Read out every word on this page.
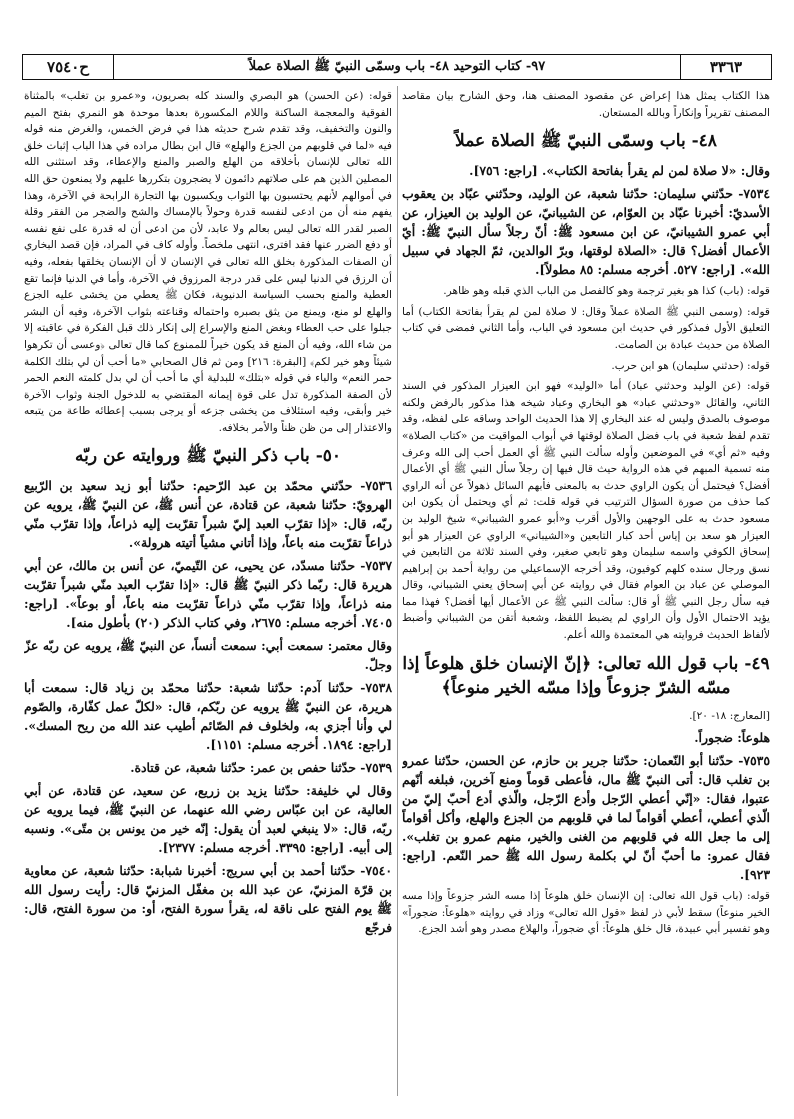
٣٣٦٣
٩٧- كتاب التوحيد ٤٨- باب وسمّى النبيّ ﷺ الصلاة عملاً
ح٧٥٤٠

هذا الكتاب يمثل هذا إعراض عن مقصود المصنف هنا، وحق الشارح بيان مقاصد المصنف تقريراً وإنكاراً وبالله المستعان.

٤٨- باب وسمّى النبيّ ﷺ الصلاة عملاً

وقال: «لا صلاة لمن لم يقرأ بفاتحة الكتاب». [راجع: ٧٥٦].

٧٥٣٤- حدّثني سليمان: حدّثنا شعبة، عن الوليد، وحدّثني عبّاد بن يعقوب الأسديّ: أخبرنا عبّاد بن العوّام، عن الشيبانيّ، عن الوليد بن العيزار، عن أبي عمرو الشيبانيّ، عن ابن مسعود ﷺ: أنّ رجلاً سأل النبيّ ﷺ: أيّ الأعمال أفضل؟ قال: «الصلاة لوقتها، وبرّ الوالدين، ثمّ الجهاد في سبيل الله». [راجع: ٥٢٧. أخرجه مسلم: ٨٥ مطولاً].

قوله: (باب) كذا هو بغير ترجمة وهو كالفصل من الباب الذي قبله وهو ظاهر.

قوله: (وسمى النبي ﷺ الصلاة عملاً وقال: لا صلاة لمن لم يقرأ بفاتحة الكتاب) أما التعليق الأول فمذكور في حديث ابن مسعود في الباب، وأما الثاني فمضى في كتاب الصلاة من حديث عبادة بن الصامت.

قوله: (حدثني سليمان) هو ابن حرب.

قوله: (عن الوليد وحدثني عباد) أما «الوليد» فهو ابن العيزار المذكور في السند الثاني، والقائل «وحدثني عباد» هو البخاري وعباد شيخه هذا مذكور بالرفض ولكنه موصوف بالصدق وليس له عند البخاري إلا هذا الحديث الواحد وساقه على لفظه، وقد تقدم لفظ شعبة في باب فضل الصلاة لوقتها في أبواب المواقيت من «كتاب الصلاة» وفيه «ثم أي» في الموضعين وأوله سألت النبي ﷺ أي العمل أحب إلى الله وعرف منه تسمية المبهم في هذه الرواية حيث قال فيها إن رجلاً سأل النبي ﷺ أي الأعمال أفضل؟ فيحتمل أن يكون الراوي حدث به بالمعنى فأبهم السائل ذهولاً عن أنه الراوي كما حذف من صورة السؤال الترتيب في قوله قلت: ثم أي ويحتمل أن يكون ابن مسعود حدث به على الوجهين والأول أقرب و«أبو عمرو الشيباني» شيخ الوليد بن العيزار هو سعد بن إياس أحد كبار التابعين و«الشيباني» الراوي عن العيزار هو أبو إسحاق الكوفي واسمه سليمان وهو تابعي صغير، وفي السند ثلاثة من التابعين في نسق ورجال سنده كلهم كوفيون، وقد أخرجه الإسماعيلي من رواية أحمد بن إبراهيم الموصلي عن عباد بن العوام فقال في روايته عن أبي إسحاق يعني الشيباني، وقال فيه سأل رجل النبي ﷺ أو قال: سألت النبي ﷺ عن الأعمال أيها أفضل؟ فهذا مما يؤيد الاحتمال الأول وأن الراوي لم يضبط اللفظ، وشعبة أتقن من الشيباني وأضبط لألفاظ الحديث فروايته هي المعتمدة والله أعلم.

٤٩- باب قول الله تعالى: ﴿إنّ الإنسان خلق هلوعاً إذا مسّه الشرّ جزوعاً وإذا مسّه الخير منوعاً﴾

[المعارج: ١٨- ٢٠].

هلوعاً: ضجوراً.

٧٥٣٥- حدّثنا أبو النّعمان: حدّثنا جرير بن حازم، عن الحسن، حدّثنا عمرو بن تغلب قال: أتى النبيّ ﷺ مال، فأعطى قوماً ومنع آخرين، فبلغه أنّهم عتبوا، فقال: «إنّي أعطي الرّجل وأدع الرّجل، والّذي أدع أحبّ إليّ من الّذي أعطي، أعطي أقواماً لما في قلوبهم من الجزع والهلع، وأكل أقواماً إلى ما جعل الله في قلوبهم من الغنى والخير، منهم عمرو بن تغلب». فقال عمرو: ما أحبّ أنّ لي بكلمة رسول الله ﷺ حمر النّعم. [راجع: ٩٢٣].

قوله: (باب قول الله تعالى: إن الإنسان خلق هلوعاً إذا مسه الشر جزوعاً وإذا مسه الخير منوعاً) سقط لأبي ذر لفظ «قول الله تعالى» وزاد في روايته «هلوعاً: ضجوراً» وهو تفسير أبي عبيدة، قال خلق هلوعاً: أي ضجوراً، والهلاع مصدر وهو أشد الجزع.

قوله: (عن الحسن) هو البصري والسند كله بصريون، و«عمرو بن تغلب» بالمثناة الفوقية والمعجمة الساكنة واللام المكسورة بعدها موحدة هو النمري بفتح الميم والنون والتخفيف، وقد تقدم شرح حديثه هذا في فرض الخمس، والغرض منه قوله فيه «لما في قلوبهم من الجزع والهلع» قال ابن بطال مراده في هذا الباب إثبات خلق الله تعالى للإنسان بأخلاقه من الهلع والصبر والمنع والإعطاء، وقد استثنى الله المصلين الذين هم على صلاتهم دائمون لا يضجرون بتكررها عليهم ولا يمنعون حق الله في أموالهم لأنهم يحتسبون بها الثواب ويكسبون بها التجارة الرابحة في الآخرة، وهذا يفهم منه أن من ادعى لنفسه قدرة وحولاً بالإمساك والشح والضجر من الفقر وقلة الصبر لقدر الله تعالى ليس بعالم ولا عابد، لأن من ادعى أن له قدرة على نفع نفسه أو دفع الضرر عنها فقد افترى، انتهى ملخصاً. وأوله كاف في المراد، فإن قصد البخاري أن الصفات المذكورة بخلق الله تعالى في الإنسان لا أن الإنسان يخلقها بفعله، وفيه أن الرزق في الدنيا ليس على قدر درجة المرزوق في الآخرة، وأما في الدنيا فإنما تقع العطية والمنع بحسب السياسة الدنيوية، فكان ﷺ يعطي من يخشى عليه الجزع والهلع لو منع، ويمنع من يثق بصبره واحتماله وقناعته بثواب الآخرة، وفيه أن البشر جبلوا على حب العطاء وبغض المنع والإسراع إلى إنكار ذلك قبل الفكرة في عاقبته إلا من شاء الله، وفيه أن المنع قد يكون خيراً للممنوع كما قال تعالى ﴿وعسى أن تكرهوا شيئاً وهو خير لكم﴾ [البقرة: ٢١٦] ومن ثم قال الصحابي «ما أحب أن لي بتلك الكلمة حمر النعم» والباء في قوله «بتلك» للبدلية أي ما أحب أن لي بدل كلمته النعم الحمر لأن الصفة المذكورة تدل على قوة إيمانه المقتضي به للدخول الجنة وثواب الآخرة خير وأبقى، وفيه استئلاف من يخشى جزعه أو يرجى بسبب إعطائه طاعة من يتبعه والاعتذار إلى من ظن ظناً والأمر بخلافه.

٥٠- باب ذكر النبيّ ﷺ وروايته عن ربّه

٧٥٣٦- حدّثني محمّد بن عبد الرّحيم: حدّثنا أبو زيد سعيد بن الرّبيع الهرويّ: حدّثنا شعبة، عن قتادة، عن أنس ﷺ، عن النبيّ ﷺ، يرويه عن ربّه، قال: «إذا تقرّب العبد إليّ شبراً تقرّبت إليه ذراعاً، وإذا تقرّب منّي ذراعاً تقرّبت منه باعاً، وإذا أتاني مشياً أتيته هرولة».

٧٥٣٧- حدّثنا مسدّد، عن يحيى، عن التّيميّ، عن أنس بن مالك، عن أبي هريرة قال: ربّما ذكر النبيّ ﷺ قال: «إذا تقرّب العبد منّي شبراً تقرّبت منه ذراعاً، وإذا تقرّب منّي ذراعاً تقرّبت منه باعاً، أو بوعاً». [راجع: ٧٤٠٥. أخرجه مسلم: ٢٦٧٥، وفي كتاب الذكر (٢٠) بأطول منه].

وقال معتمر: سمعت أبي: سمعت أنساً، عن النبيّ ﷺ، يرويه عن ربّه عزّ وجلّ.

٧٥٣٨- حدّثنا آدم: حدّثنا شعبة: حدّثنا محمّد بن زياد قال: سمعت أبا هريرة، عن النبيّ ﷺ يرويه عن ربّكم، قال: «لكلّ عمل كفّارة، والصّوم لي وأنا أجزي به، ولخلوف فم الصّائم أطيب عند الله من ريح المسك». [راجع: ١٨٩٤. أخرجه مسلم: ١١٥١].

٧٥٣٩- حدّثنا حفص بن عمر: حدّثنا شعبة، عن قتادة.

وقال لي خليفة: حدّثنا يزيد بن زريع، عن سعيد، عن قتادة، عن أبي العالية، عن ابن عبّاس رضي الله عنهما، عن النبيّ ﷺ، فيما يرويه عن ربّه، قال: «لا ينبغي لعبد أن يقول: إنّه خير من يونس بن متّى». ونسبه إلى أبيه. [راجع: ٣٣٩٥. أخرجه مسلم: ٢٣٧٧].

٧٥٤٠- حدّثنا أحمد بن أبي سريج: أخبرنا شبابة: حدّثنا شعبة، عن معاوية بن قرّة المزنيّ، عن عبد الله بن مغفّل المزنيّ قال: رأيت رسول الله ﷺ يوم الفتح على ناقة له، يقرأ سورة الفتح، أو: من سورة الفتح، قال: فرجّع
